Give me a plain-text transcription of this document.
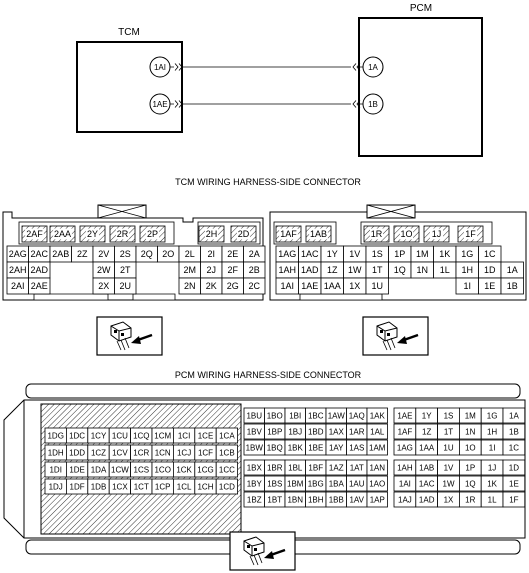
TCM
PCM
1AI
1AE
1A
1B
TCM WIRING HARNESS-SIDE CONNECTOR
2AF 2AA 2Y 2R 2P	2H 2D
2AG 2AC 2AB 2Z 2V 2S 2Q 2O 2L 2I 2E 2A
2AH 2AD	2W 2T	2M 2J 2F 2B
2AI 2AE	2X 2U	2N 2K 2G 2C
1AF 1AB	1R 1O 1J	1F
1AG 1AC 1Y 1V 1S 1P 1M 1K 1G 1C
1AH 1AD 1Z 1W 1T 1Q 1N 1L 1H 1D 1A
1AI 1AE 1AA 1X 1U	1I 1E 1B
PCM WIRING HARNESS-SIDE CONNECTOR
1DG 1DC 1CY 1CU 1CQ 1CM 1CI 1CE 1CA
1DH 1DD 1CZ 1CV 1CR 1CN 1CJ 1CF 1CB
1DI 1DE 1DA 1CW 1CS 1CO 1CK 1CG 1CC
1DJ 1DF 1DB 1CX 1CT 1CP 1CL 1CH 1CD
1BU 1BO 1BI 1BC 1AW 1AQ 1AK
1BV 1BP 1BJ 1BD 1AX 1AR 1AL
1BW 1BQ 1BK 1BE 1AY 1AS 1AM
1BX 1BR 1BL 1BF 1AZ 1AT 1AN
1BY 1BS 1BM 1BG 1BA 1AU 1AO
1BZ 1BT 1BN 1BH 1BB 1AV 1AP
1AE 1Y 1S 1M 1G 1A
1AF 1Z 1T 1N 1H 1B
1AG 1AA 1U 1O 1I 1C
1AH 1AB 1V 1P 1J 1D
1AI 1AC 1W 1Q 1K 1E
1AJ 1AD 1X 1R 1L 1F
